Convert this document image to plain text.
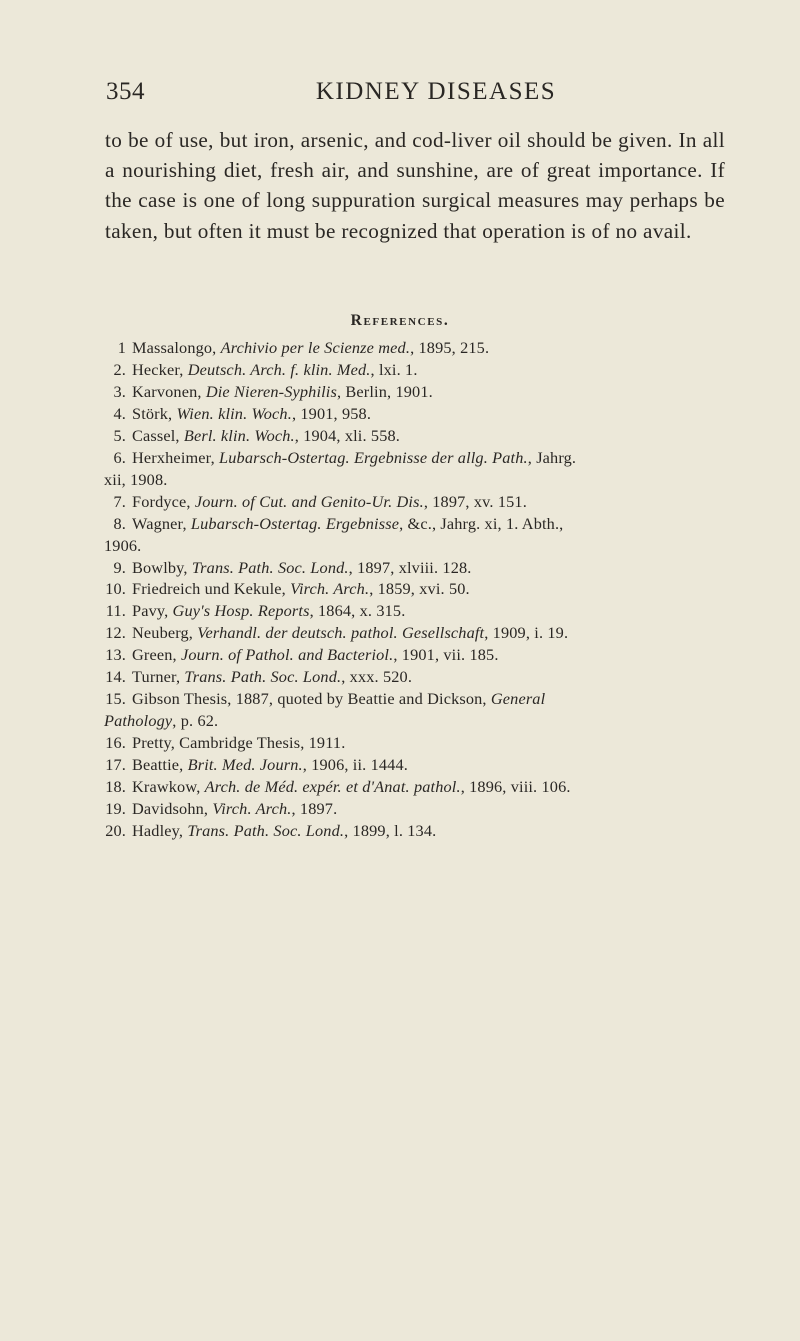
354	KIDNEY DISEASES

to be of use, but iron, arsenic, and cod-liver oil should be given. In all a nourishing diet, fresh air, and sunshine, are of great importance. If the case is one of long suppuration surgical measures may perhaps be taken, but often it must be recognized that operation is of no avail.

References.
1 Massalongo, Archivio per le Scienze med., 1895, 215.
2. Hecker, Deutsch. Arch. f. klin. Med., lxi. 1.
3. Karvonen, Die Nieren-Syphilis, Berlin, 1901.
4. Störk, Wien. klin. Woch., 1901, 958.
5. Cassel, Berl. klin. Woch., 1904, xli. 558.
6. Herxheimer, Lubarsch-Ostertag. Ergebnisse der allg. Path., Jahrg.
xii, 1908.
7. Fordyce, Journ. of Cut. and Genito-Ur. Dis., 1897, xv. 151.
8. Wagner, Lubarsch-Ostertag. Ergebnisse, &c., Jahrg. xi, 1. Abth.,
1906.
9. Bowlby, Trans. Path. Soc. Lond., 1897, xlviii. 128.
10. Friedreich und Kekule, Virch. Arch., 1859, xvi. 50.
11. Pavy, Guy's Hosp. Reports, 1864, x. 315.
12. Neuberg, Verhandl. der deutsch. pathol. Gesellschaft, 1909, i. 19.
13. Green, Journ. of Pathol. and Bacteriol., 1901, vii. 185.
14. Turner, Trans. Path. Soc. Lond., xxx. 520.
15. Gibson Thesis, 1887, quoted by Beattie and Dickson, General
Pathology, p. 62.
16. Pretty, Cambridge Thesis, 1911.
17. Beattie, Brit. Med. Journ., 1906, ii. 1444.
18. Krawkow, Arch. de Méd. expér. et d'Anat. pathol., 1896, viii. 106.
19. Davidsohn, Virch. Arch., 1897.
20. Hadley, Trans. Path. Soc. Lond., 1899, l. 134.
